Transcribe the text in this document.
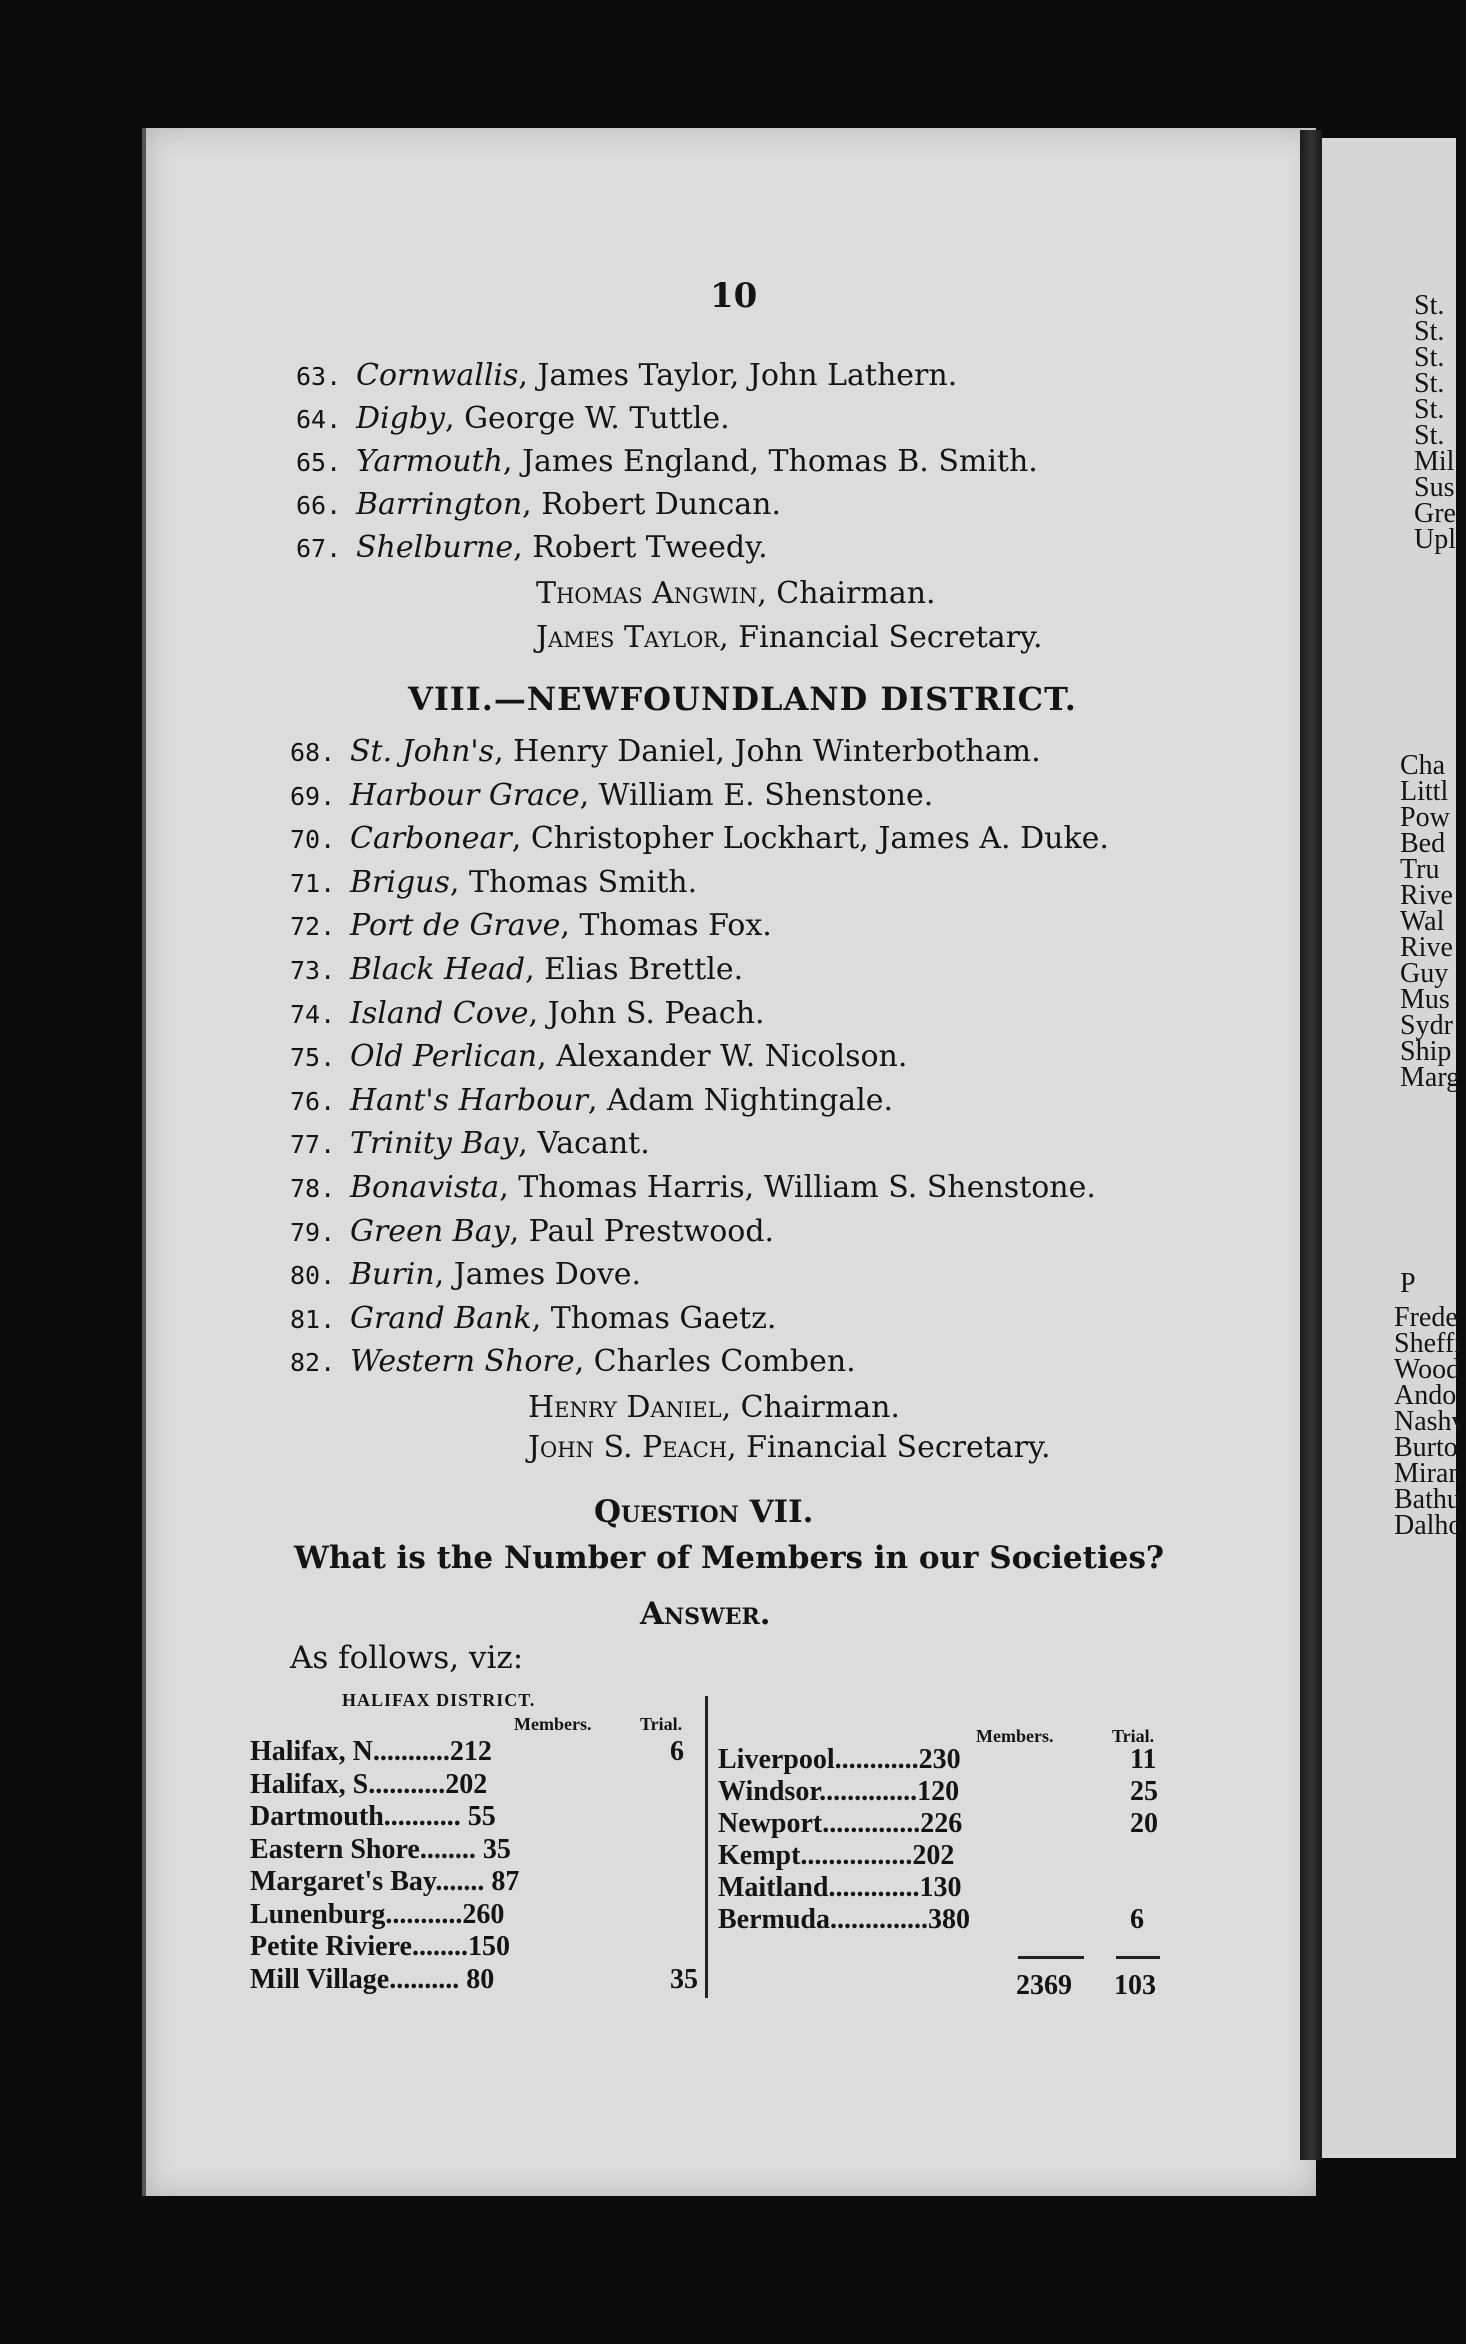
St.
St.
St.
St.
St.
St.
Mil
Sus
Gre
Upl
Cha
Littl
Pow
Bed
Tru
Rive
Wal
Rive
Guy
Mus
Sydr
Ship
Marg
P
Frede
Sheffi
Wood
Ando
Nashv
Burto
Miran
Bathu
Dalho
10
63. Cornwallis, James Taylor, John Lathern.
64. Digby, George W. Tuttle.
65. Yarmouth, James England, Thomas B. Smith.
66. Barrington, Robert Duncan.
67. Shelburne, Robert Tweedy.
Thomas Angwin, Chairman.
James Taylor, Financial Secretary.
VIII.—NEWFOUNDLAND DISTRICT.
68. St. John's, Henry Daniel, John Winterbotham.
69. Harbour Grace, William E. Shenstone.
70. Carbonear, Christopher Lockhart, James A. Duke.
71. Brigus, Thomas Smith.
72. Port de Grave, Thomas Fox.
73. Black Head, Elias Brettle.
74. Island Cove, John S. Peach.
75. Old Perlican, Alexander W. Nicolson.
76. Hant's Harbour, Adam Nightingale.
77. Trinity Bay, Vacant.
78. Bonavista, Thomas Harris, William S. Shenstone.
79. Green Bay, Paul Prestwood.
80. Burin, James Dove.
81. Grand Bank, Thomas Gaetz.
82. Western Shore, Charles Comben.
Henry Daniel, Chairman.
John S. Peach, Financial Secretary.
Question VII.
What is the Number of Members in our Societies?
Answer.
As follows, viz:
HALIFAX DISTRICT.
Members.	Trial.
Members.	Trial.
Halifax, N...........212	6
Halifax, S...........202
Dartmouth........... 55
Eastern Shore........ 35
Margaret's Bay....... 87
Lunenburg...........260
Petite Riviere........150
Mill Village.......... 80	35
Liverpool............230	11
Windsor..............120	25
Newport..............226	20
Kempt................202
Maitland.............130
Bermuda..............380	6
2369 103
